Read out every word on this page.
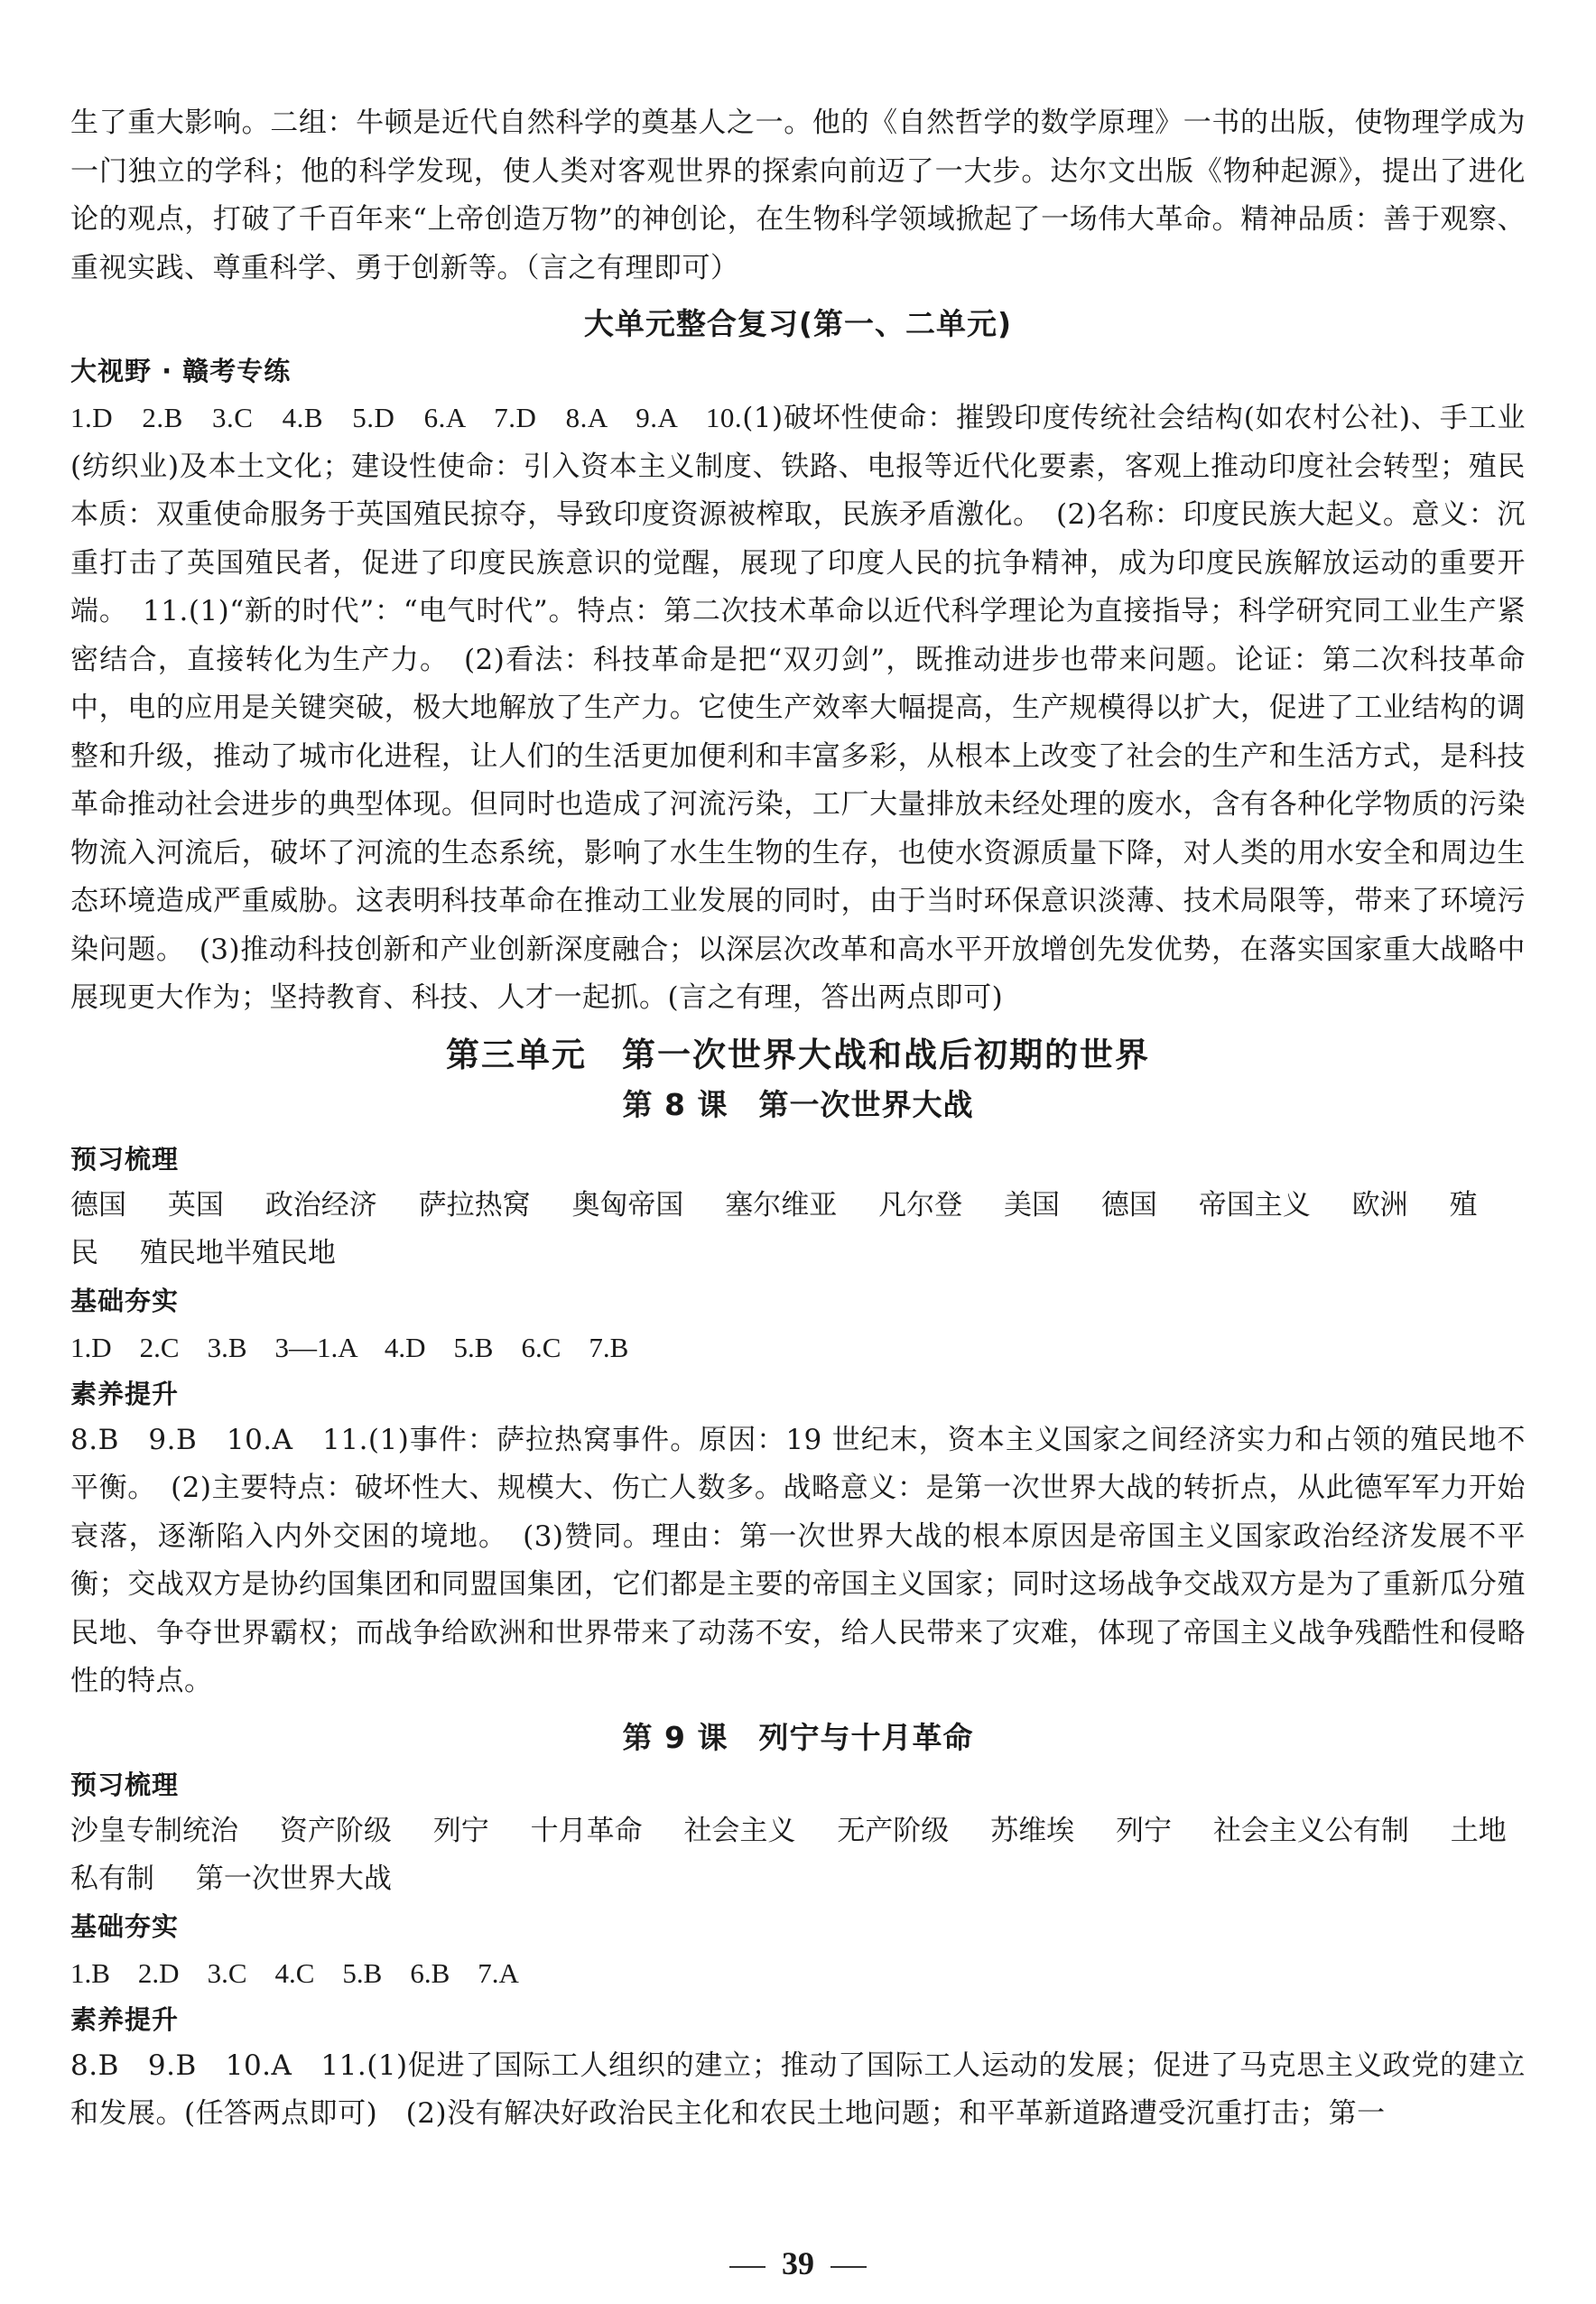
生了重大影响。二组：牛顿是近代自然科学的奠基人之一。他的《自然哲学的数学原理》一书的出版，使物理学成为一门独立的学科；他的科学发现，使人类对客观世界的探索向前迈了一大步。达尔文出版《物种起源》，提出了进化论的观点，打破了千百年来“上帝创造万物”的神创论，在生物科学领域掀起了一场伟大革命。精神品质：善于观察、重视实践、尊重科学、勇于创新等。（言之有理即可）

大单元整合复习(第一、二单元)
大视野 · 赣考专练

1.D　2.B　3.C　4.B　5.D　6.A　7.D　8.A　9.A　10.(1)破坏性使命：摧毁印度传统社会结构(如农村公社)、手工业(纺织业)及本土文化；建设性使命：引入资本主义制度、铁路、电报等近代化要素，客观上推动印度社会转型；殖民本质：双重使命服务于英国殖民掠夺，导致印度资源被榨取，民族矛盾激化。　(2)名称：印度民族大起义。意义：沉重打击了英国殖民者，促进了印度民族意识的觉醒，展现了印度人民的抗争精神，成为印度民族解放运动的重要开端。　11.(1)“新的时代”：“电气时代”。特点：第二次技术革命以近代科学理论为直接指导；科学研究同工业生产紧密结合，直接转化为生产力。　(2)看法：科技革命是把“双刃剑”，既推动进步也带来问题。论证：第二次科技革命中，电的应用是关键突破，极大地解放了生产力。它使生产效率大幅提高，生产规模得以扩大，促进了工业结构的调整和升级，推动了城市化进程，让人们的生活更加便利和丰富多彩，从根本上改变了社会的生产和生活方式，是科技革命推动社会进步的典型体现。但同时也造成了河流污染，工厂大量排放未经处理的废水，含有各种化学物质的污染物流入河流后，破坏了河流的生态系统，影响了水生生物的生存，也使水资源质量下降，对人类的用水安全和周边生态环境造成严重威胁。这表明科技革命在推动工业发展的同时，由于当时环保意识淡薄、技术局限等，带来了环境污染问题。　(3)推动科技创新和产业创新深度融合；以深层次改革和高水平开放增创先发优势，在落实国家重大战略中展现更大作为；坚持教育、科技、人才一起抓。(言之有理，答出两点即可)

第三单元　第一次世界大战和战后初期的世界
第 8 课　第一次世界大战
预习梳理

德国 英国 政治经济 萨拉热窝 奥匈帝国 塞尔维亚 凡尔登 美国 德国 帝国主义 欧洲 殖民 殖民地半殖民地

基础夯实

1.D　2.C　3.B　3—1.A　4.D　5.B　6.C　7.B

素养提升

8.B　9.B　10.A　11.(1)事件：萨拉热窝事件。原因：19 世纪末，资本主义国家之间经济实力和占领的殖民地不平衡。　(2)主要特点：破坏性大、规模大、伤亡人数多。战略意义：是第一次世界大战的转折点，从此德军军力开始衰落，逐渐陷入内外交困的境地。　(3)赞同。理由：第一次世界大战的根本原因是帝国主义国家政治经济发展不平衡；交战双方是协约国集团和同盟国集团，它们都是主要的帝国主义国家；同时这场战争交战双方是为了重新瓜分殖民地、争夺世界霸权；而战争给欧洲和世界带来了动荡不安，给人民带来了灾难，体现了帝国主义战争残酷性和侵略性的特点。

第 9 课　列宁与十月革命
预习梳理

沙皇专制统治 资产阶级 列宁 十月革命 社会主义 无产阶级 苏维埃 列宁 社会主义公有制 土地私有制 第一次世界大战

基础夯实

1.B　2.D　3.C　4.C　5.B　6.B　7.A

素养提升

8.B　9.B　10.A　11.(1)促进了国际工人组织的建立；推动了国际工人运动的发展；促进了马克思主义政党的建立和发展。(任答两点即可)　(2)没有解决好政治民主化和农民土地问题；和平革新道路遭受沉重打击；第一

39
